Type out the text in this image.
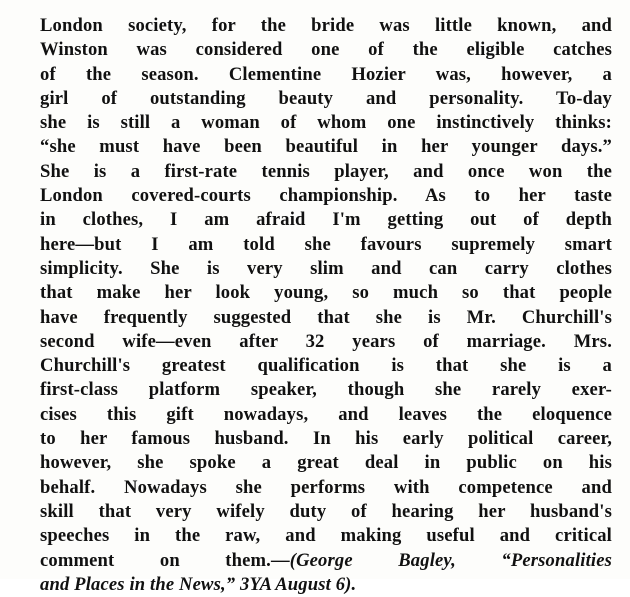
London society, for the bride was little known, and
Winston was considered one of the eligible catches
of the season. Clementine Hozier was, however, a
girl of outstanding beauty and personality. To-day
she is still a woman of whom one instinctively thinks:
“she must have been beautiful in her younger days.”
She is a first-rate tennis player, and once won the
London covered-courts championship. As to her taste
in clothes, I am afraid I'm getting out of depth
here—but I am told she favours supremely smart
simplicity. She is very slim and can carry clothes
that make her look young, so much so that people
have frequently suggested that she is Mr. Churchill's
second wife—even after 32 years of marriage. Mrs.
Churchill's greatest qualification is that she is a
first-class platform speaker, though she rarely exer-
cises this gift nowadays, and leaves the eloquence
to her famous husband. In his early political career,
however, she spoke a great deal in public on his
behalf. Nowadays she performs with competence and
skill that very wifely duty of hearing her husband's
speeches in the raw, and making useful and critical
comment on them.—(George Bagley, “Personalities
and Places in the News,” 3YA August 6).
